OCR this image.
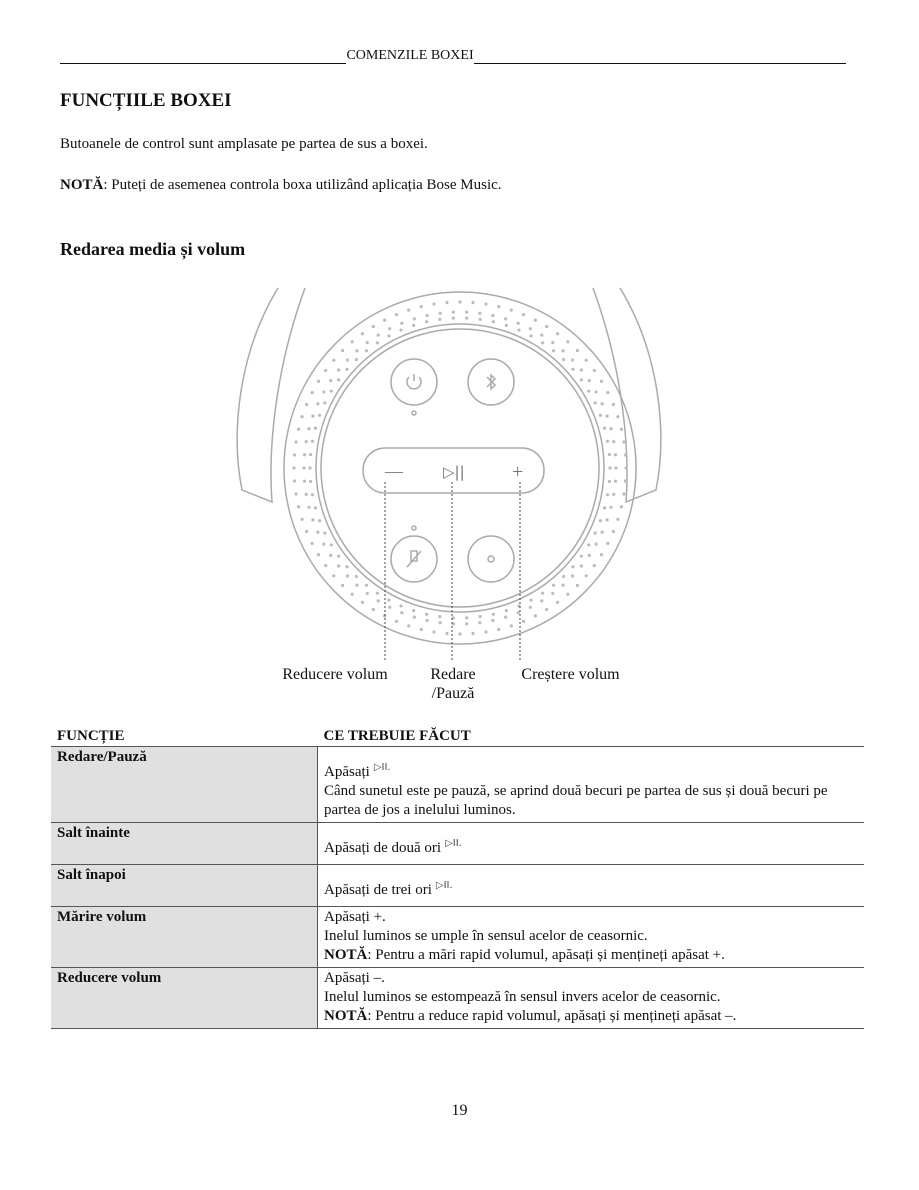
COMENZILE BOXEI
FUNCȚIILE BOXEI
Butoanele de control sunt amplasate pe partea de sus a boxei.
NOTĂ: Puteți de asemenea controla boxa utilizând aplicația Bose Music.
Redarea media și volum
—	▷|| +
Reducere volum	Redare
/Pauză
Creștere volum
FUNCȚIE	CE TREBUIE FĂCUT
Redare/Pauză	Apăsați $^{▷II.}$
Când sunetul este pe pauză, se aprind două becuri pe partea de sus și două becuri pe partea de jos a inelului luminos.

Salt înainte	Apăsați de două ori $^{▷II.}$

Salt înapoi	Apăsați de trei ori $^{▷II.}$

Mărire volum	Apăsați +.
Inelul luminos se umple în sensul acelor de ceasornic.
NOTĂ: Pentru a mări rapid volumul, apăsați și mențineți apăsat +.

Reducere volum	Apăsați –.
Inelul luminos se estompează în sensul invers acelor de ceasornic.
NOTĂ: Pentru a reduce rapid volumul, apăsați și mențineți apăsat –.
19
